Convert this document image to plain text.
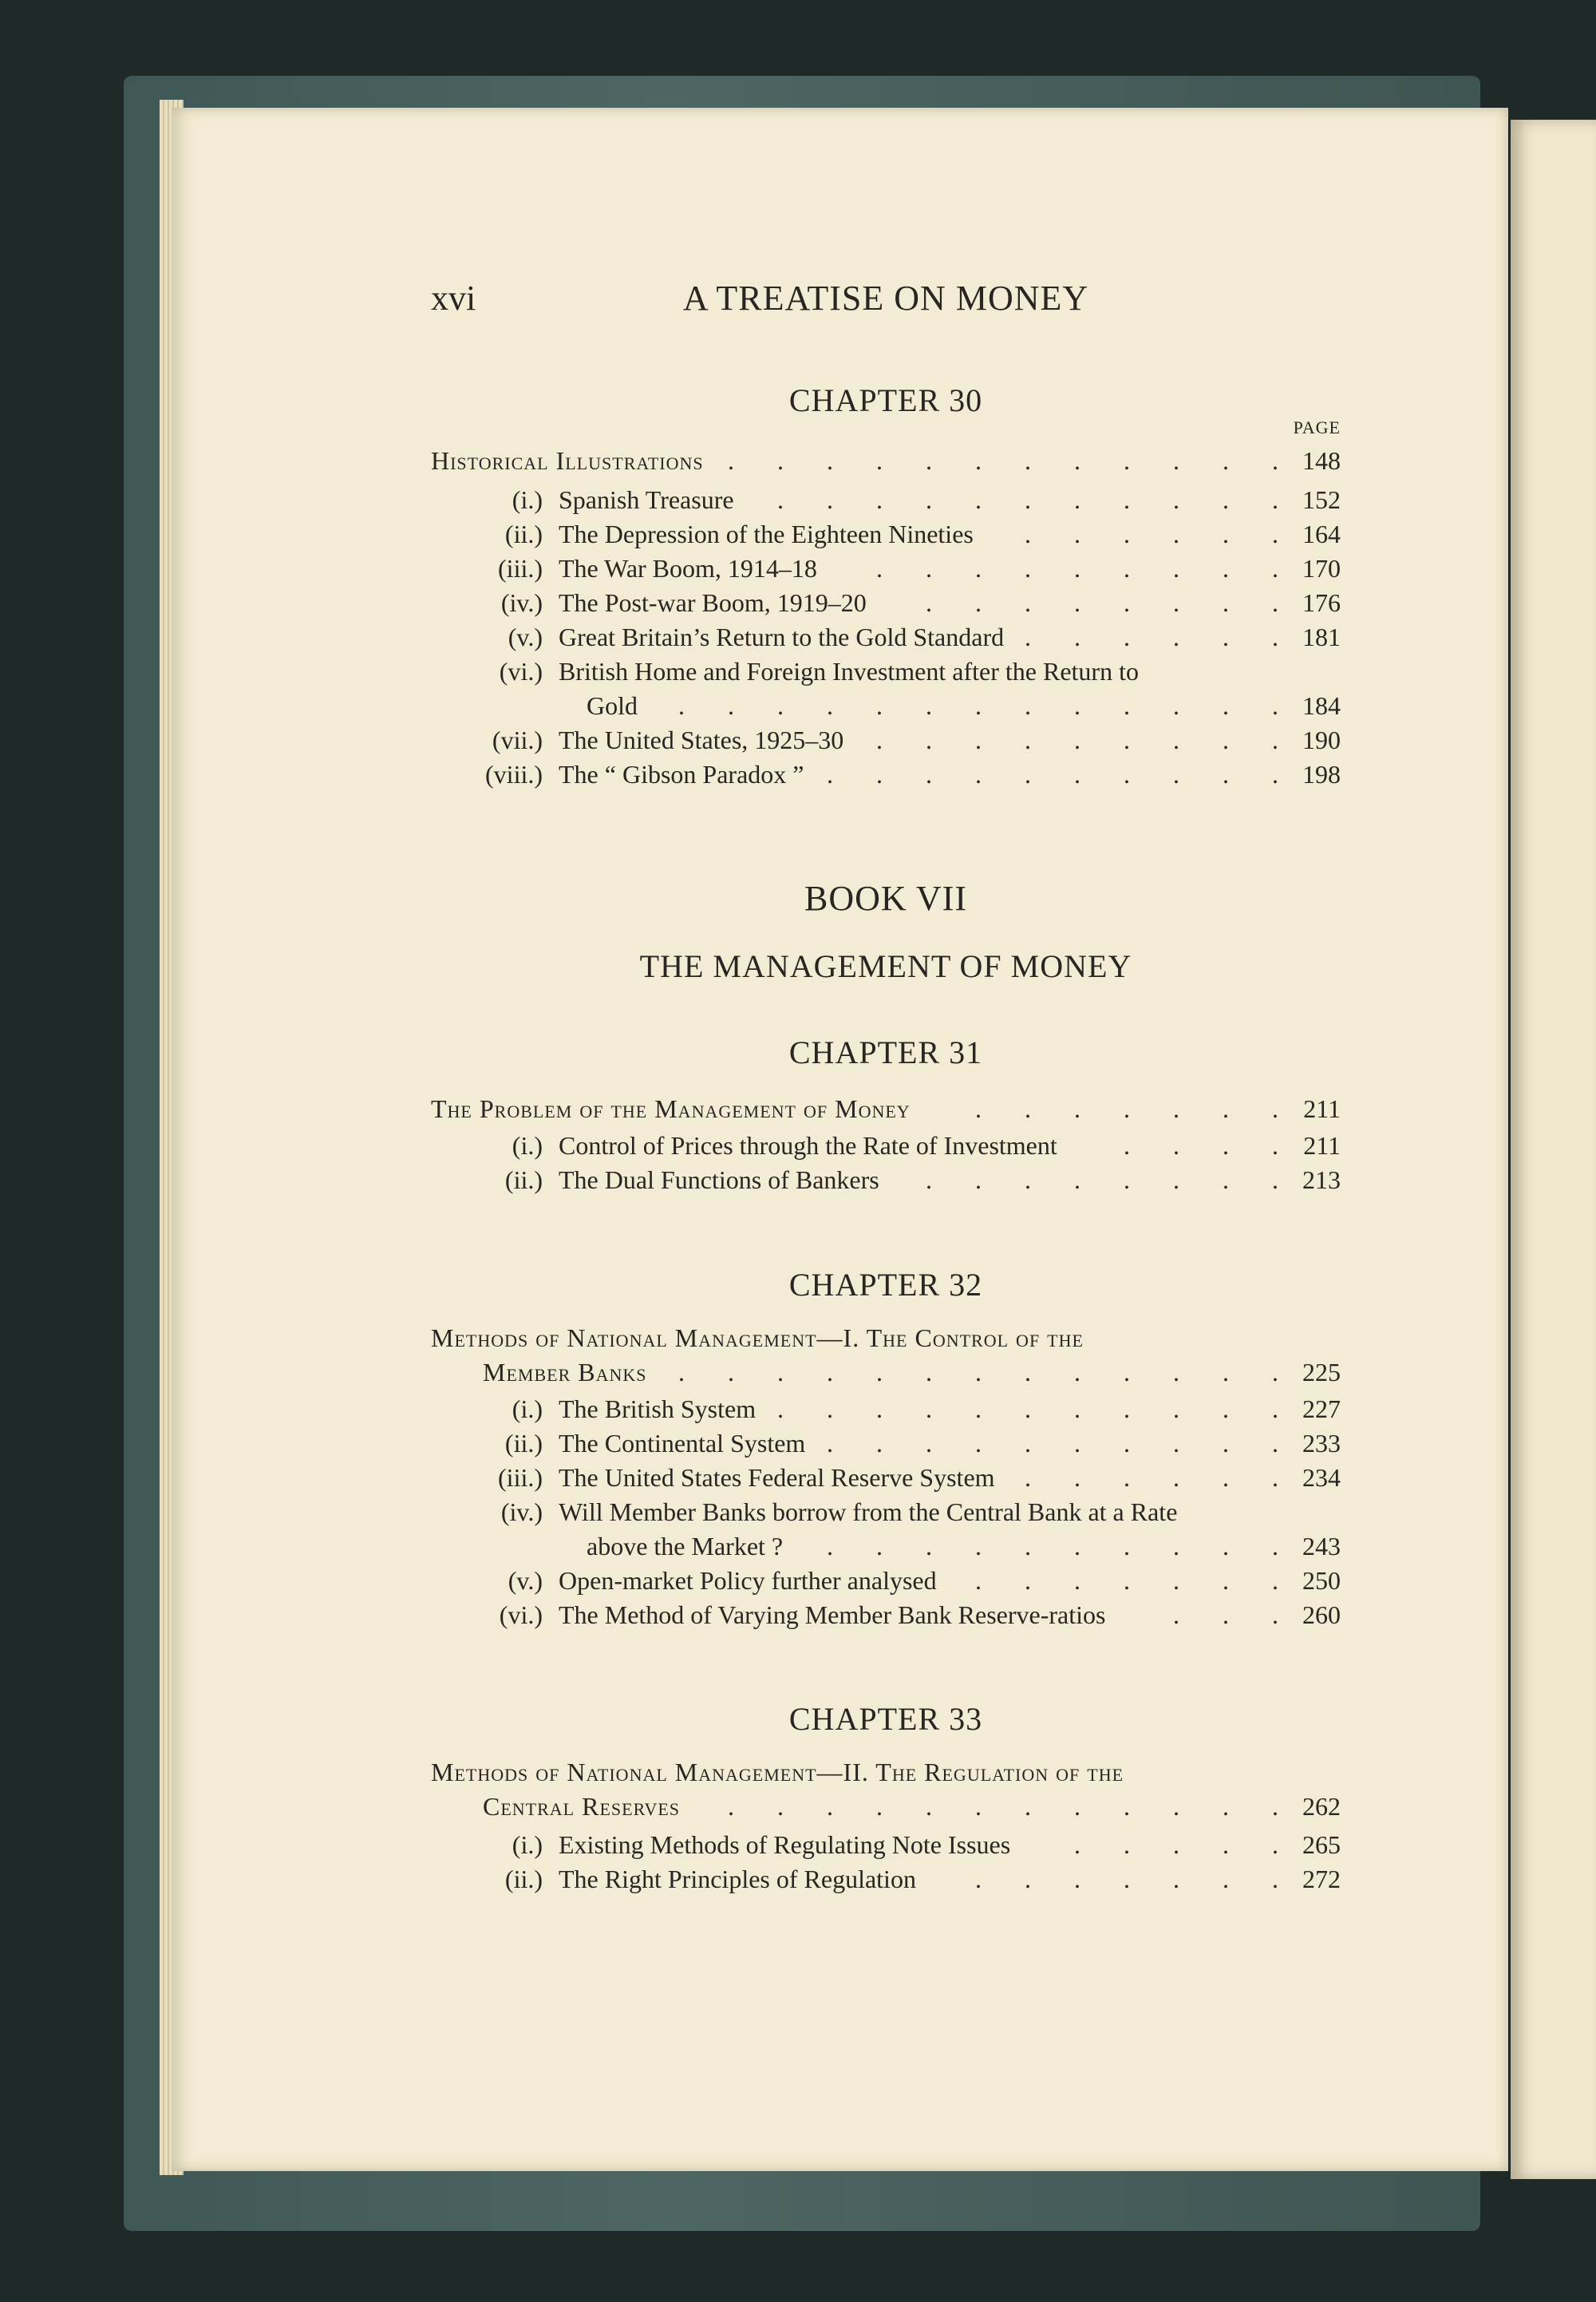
xvi	A TREATISE ON MONEY
CHAPTER 30
PAGE
Historical Illustrations	148
. . . . . . . . . . . .
(i.) Spanish Treasure	152
. . . . . . . . . . .
(ii.) The Depression of the Eighteen Nineties	164
. . . . . .
(iii.) The War Boom, 1914–18	170
. . . . . . . . .
(iv.) The Post-war Boom, 1919–20	176
. . . . . . . .
(v.) Great Britain’s Return to the Gold Standard	181
. . . . . .
(vi.) British Home and Foreign Investment after the Return to
Gold	184
. . . . . . . . . . . . .
(vii.) The United States, 1925–30	190
. . . . . . . . .
(viii.) The “ Gibson Paradox ”	198
. . . . . . . . . .
BOOK VII
THE MANAGEMENT OF MONEY
CHAPTER 31
The Problem of the Management of Money	211
. . . . . . .
(i.) Control of Prices through the Rate of Investment	211
. . . .
(ii.) The Dual Functions of Bankers	213
. . . . . . . .
CHAPTER 32
Methods of National Management—I. The Control of the
Member Banks	225
. . . . . . . . . . . . .
(i.) The British System	227
. . . . . . . . . . .
(ii.) The Continental System	233
. . . . . . . . . .
(iii.) The United States Federal Reserve System	234
. . . . . .
(iv.) Will Member Banks borrow from the Central Bank at a Rate
above the Market ?	243
. . . . . . . . . .
(v.) Open-market Policy further analysed	250
. . . . . . .
(vi.) The Method of Varying Member Bank Reserve-ratios	260
. . .
CHAPTER 33
Methods of National Management—II. The Regulation of the
Central Reserves	262
. . . . . . . . . . . .
(i.) Existing Methods of Regulating Note Issues	265
. . . . .
(ii.) The Right Principles of Regulation	272
. . . . . . .
